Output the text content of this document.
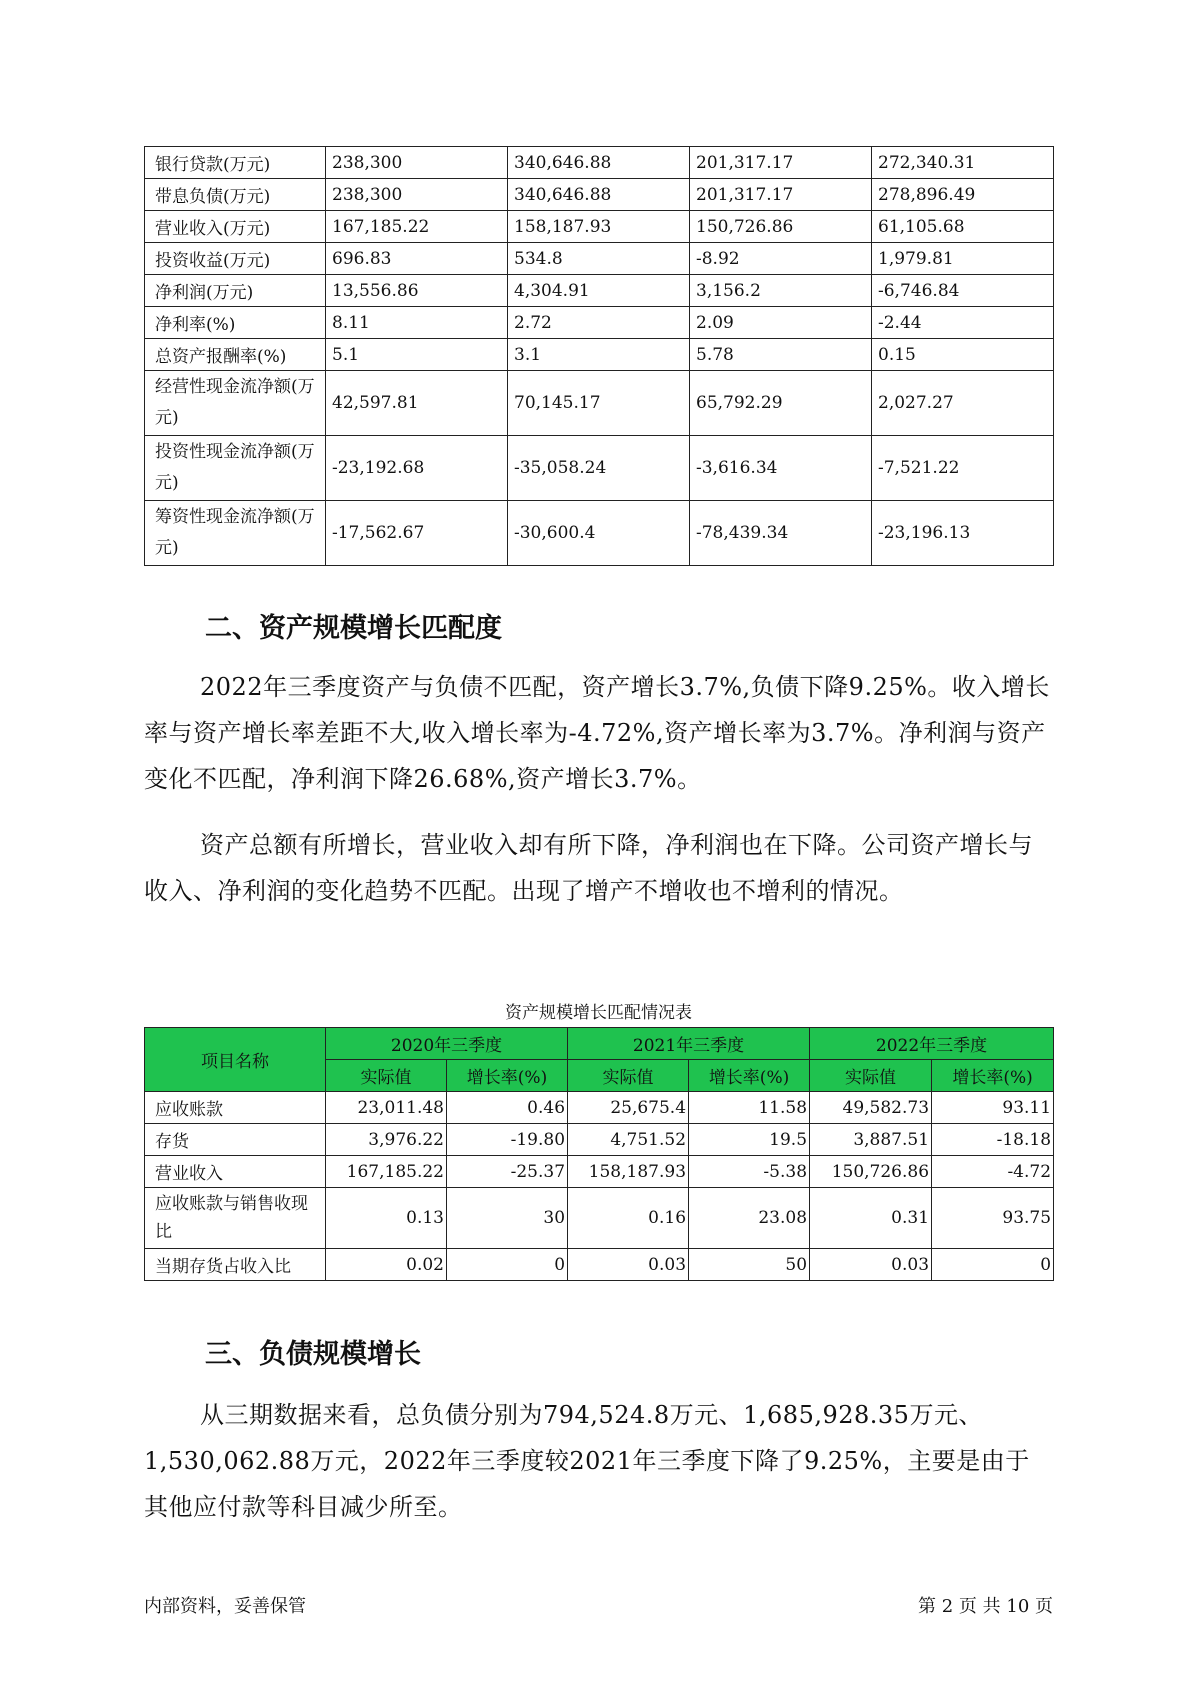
银行贷款(万元)	238,300	340,646.88	201,317.17	272,340.31
带息负债(万元)	238,300	340,646.88	201,317.17	278,896.49
营业收入(万元)	167,185.22	158,187.93	150,726.86	61,105.68
投资收益(万元)	696.83	534.8	-8.92	1,979.81
净利润(万元)	13,556.86	4,304.91	3,156.2	-6,746.84
净利率(%)	8.11	2.72	2.09	-2.44
总资产报酬率(%)	5.1	3.1	5.78	0.15
经营性现金流净额(万元)	42,597.81	70,145.17	65,792.29	2,027.27
投资性现金流净额(万元)	-23,192.68	-35,058.24	-3,616.34	-7,521.22
筹资性现金流净额(万元)	-17,562.67	-30,600.4	-78,439.34	-23,196.13
二、资产规模增长匹配度

2022年三季度资产与负债不匹配，资产增长3.7%,负债下降9.25%。收入增长率与资产增长率差距不大,收入增长率为-4.72%,资产增长率为3.7%。净利润与资产变化不匹配，净利润下降26.68%,资产增长3.7%。

资产总额有所增长，营业收入却有所下降，净利润也在下降。公司资产增长与收入、净利润的变化趋势不匹配。出现了增产不增收也不增利的情况。

资产规模增长匹配情况表
项目名称	2020年三季度		2021年三季度		2022年三季度	
	实际值	增长率(%)	实际值	增长率(%)	实际值	增长率(%)
应收账款	23,011.48	0.46	25,675.4	11.58	49,582.73	93.11
存货	3,976.22	-19.80	4,751.52	19.5	3,887.51	-18.18
营业收入	167,185.22	-25.37	158,187.93	-5.38	150,726.86	-4.72
应收账款与销售收现比	0.13	30	0.16	23.08	0.31	93.75
当期存货占收入比	0.02	0	0.03	50	0.03	0
三、负债规模增长

从三期数据来看，总负债分别为794,524.8万元、1,685,928.35万元、1,530,062.88万元，2022年三季度较2021年三季度下降了9.25%，主要是由于其他应付款等科目减少所至。

内部资料，妥善保管	第 2 页 共 10 页
